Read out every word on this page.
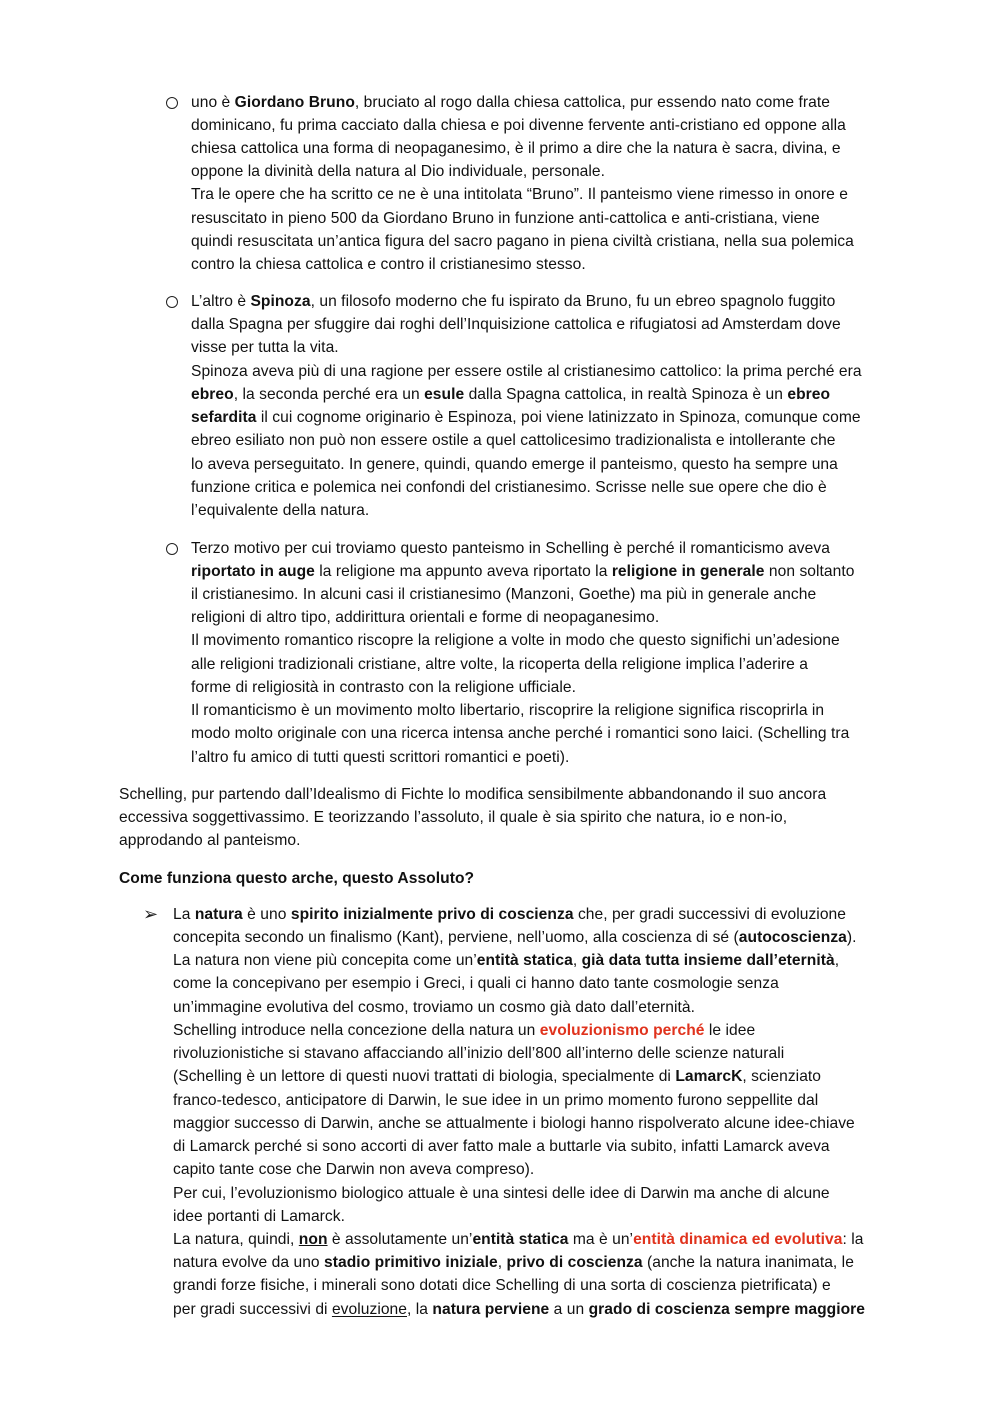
➢
uno è Giordano Bruno, bruciato al rogo dalla chiesa cattolica, pur essendo nato come frate
dominicano, fu prima cacciato dalla chiesa e poi divenne fervente anti-cristiano ed oppone alla
chiesa cattolica una forma di neopaganesimo, è il primo a dire che la natura è sacra, divina, e
oppone la divinità della natura al Dio individuale, personale.
Tra le opere che ha scritto ce ne è una intitolata “Bruno”. Il panteismo viene rimesso in onore e
resuscitato in pieno 500 da Giordano Bruno in funzione anti-cattolica e anti-cristiana, viene
quindi resuscitata un’antica figura del sacro pagano in piena civiltà cristiana, nella sua polemica
contro la chiesa cattolica e contro il cristianesimo stesso.
L’altro è Spinoza, un filosofo moderno che fu ispirato da Bruno, fu un ebreo spagnolo fuggito
dalla Spagna per sfuggire dai roghi dell’Inquisizione cattolica e rifugiatosi ad Amsterdam dove
visse per tutta la vita.
Spinoza aveva più di una ragione per essere ostile al cristianesimo cattolico: la prima perché era
ebreo, la seconda perché era un esule dalla Spagna cattolica, in realtà Spinoza è un ebreo
sefardita il cui cognome originario è Espinoza, poi viene latinizzato in Spinoza, comunque come
ebreo esiliato non può non essere ostile a quel cattolicesimo tradizionalista e intollerante che
lo aveva perseguitato. In genere, quindi, quando emerge il panteismo, questo ha sempre una
funzione critica e polemica nei confondi del cristianesimo. Scrisse nelle sue opere che dio è
l’equivalente della natura.
Terzo motivo per cui troviamo questo panteismo in Schelling è perché il romanticismo aveva
riportato in auge la religione ma appunto aveva riportato la religione in generale non soltanto
il cristianesimo. In alcuni casi il cristianesimo (Manzoni, Goethe) ma più in generale anche
religioni di altro tipo, addirittura orientali e forme di neopaganesimo.
Il movimento romantico riscopre la religione a volte in modo che questo significhi un’adesione
alle religioni tradizionali cristiane, altre volte, la ricoperta della religione implica l’aderire a
forme di religiosità in contrasto con la religione ufficiale.
Il romanticismo è un movimento molto libertario, riscoprire la religione significa riscoprirla in
modo molto originale con una ricerca intensa anche perché i romantici sono laici. (Schelling tra
l’altro fu amico di tutti questi scrittori romantici e poeti).
Schelling, pur partendo dall’Idealismo di Fichte lo modifica sensibilmente abbandonando il suo ancora
eccessiva soggettivassimo. E teorizzando l’assoluto, il quale è sia spirito che natura, io e non-io,
approdando al panteismo.
Come funziona questo arche, questo Assoluto?
La natura è uno spirito inizialmente privo di coscienza che, per gradi successivi di evoluzione
concepita secondo un finalismo (Kant), perviene, nell’uomo, alla coscienza di sé (autocoscienza).
La natura non viene più concepita come un’entità statica, già data tutta insieme dall’eternità,
come la concepivano per esempio i Greci, i quali ci hanno dato tante cosmologie senza
un’immagine evolutiva del cosmo, troviamo un cosmo già dato dall’eternità.
Schelling introduce nella concezione della natura un evoluzionismo perché le idee
rivoluzionistiche si stavano affacciando all’inizio dell’800 all’interno delle scienze naturali
(Schelling è un lettore di questi nuovi trattati di biologia, specialmente di LamarcK, scienziato
franco-tedesco, anticipatore di Darwin, le sue idee in un primo momento furono seppellite dal
maggior successo di Darwin, anche se attualmente i biologi hanno rispolverato alcune idee-chiave
di Lamarck perché si sono accorti di aver fatto male a buttarle via subito, infatti Lamarck aveva
capito tante cose che Darwin non aveva compreso).
Per cui, l’evoluzionismo biologico attuale è una sintesi delle idee di Darwin ma anche di alcune
idee portanti di Lamarck.
La natura, quindi, non è assolutamente un’entità statica ma è un’entità dinamica ed evolutiva: la
natura evolve da uno stadio primitivo iniziale, privo di coscienza (anche la natura inanimata, le
grandi forze fisiche, i minerali sono dotati dice Schelling di una sorta di coscienza pietrificata) e
per gradi successivi di evoluzione, la natura perviene a un grado di coscienza sempre maggiore
